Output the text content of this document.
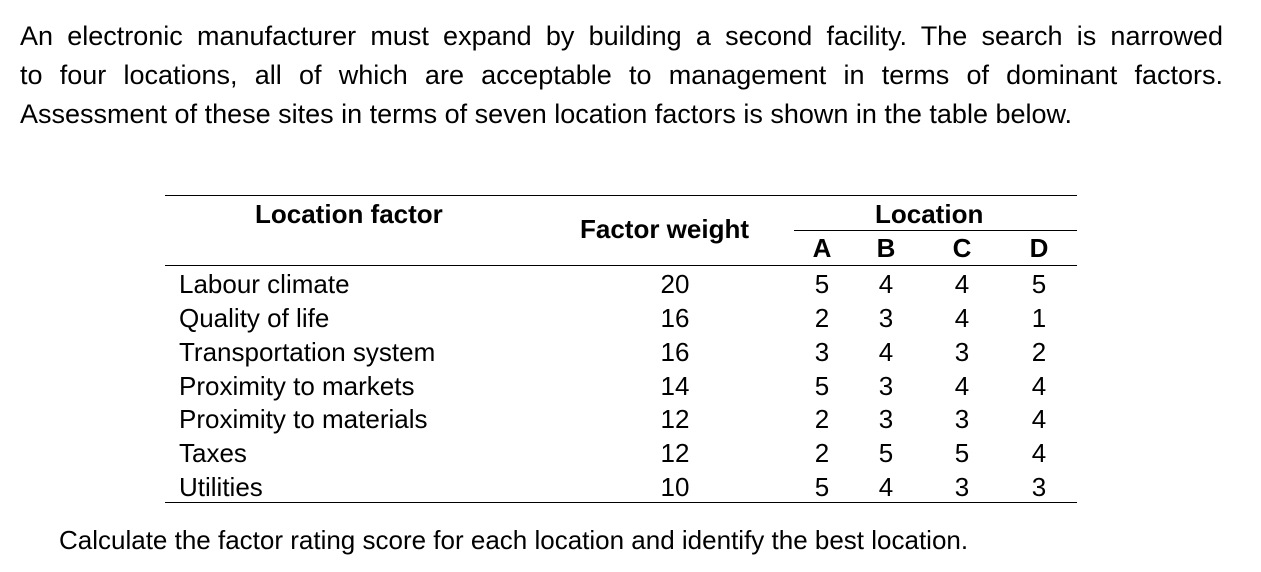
An electronic manufacturer must expand by building a second facility. The search is narrowed
to four locations, all of which are acceptable to management in terms of dominant factors.
Assessment of these sites in terms of seven location factors is shown in the table below.
Location factor	Factor weight	Location
A B C D
Labour climate	20	5	4	4	5
Quality of life	16	2	3	4	1
Transportation system	16	3	4	3	2
Proximity to markets	14	5	3	4	4
Proximity to materials	12	2	3	3	4
Taxes	12	2	5	5	4
Utilities	10	5	4	3	3

Calculate the factor rating score for each location and identify the best location.
